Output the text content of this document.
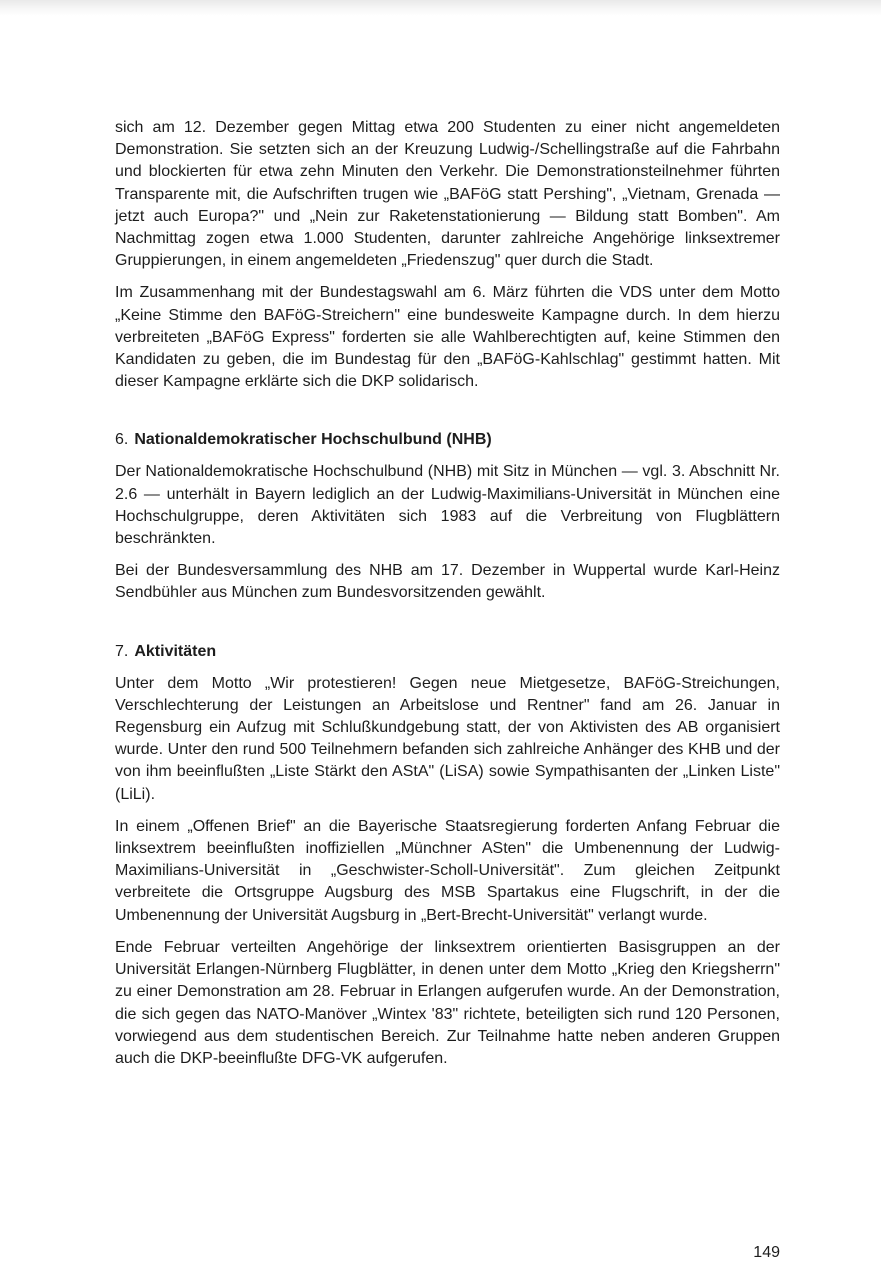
sich am 12. Dezember gegen Mittag etwa 200 Studenten zu einer nicht angemeldeten Demonstration. Sie setzten sich an der Kreuzung Ludwig-/Schellingstraße auf die Fahrbahn und blockierten für etwa zehn Minuten den Verkehr. Die Demonstrationsteilnehmer führten Transparente mit, die Aufschriften trugen wie „BAFöG statt Pershing", „Vietnam, Grenada — jetzt auch Europa?" und „Nein zur Raketenstationierung — Bildung statt Bomben". Am Nachmittag zogen etwa 1.000 Studenten, darunter zahlreiche Angehörige linksextremer Gruppierungen, in einem angemeldeten „Friedenszug" quer durch die Stadt.

Im Zusammenhang mit der Bundestagswahl am 6. März führten die VDS unter dem Motto „Keine Stimme den BAFöG-Streichern" eine bundesweite Kampagne durch. In dem hierzu verbreiteten „BAFöG Express" forderten sie alle Wahlberechtigten auf, keine Stimmen den Kandidaten zu geben, die im Bundestag für den „BAFöG-Kahlschlag" gestimmt hatten. Mit dieser Kampagne erklärte sich die DKP solidarisch.

6. Nationaldemokratischer Hochschulbund (NHB)

Der Nationaldemokratische Hochschulbund (NHB) mit Sitz in München — vgl. 3. Abschnitt Nr. 2.6 — unterhält in Bayern lediglich an der Ludwig-Maximilians-Universität in München eine Hochschulgruppe, deren Aktivitäten sich 1983 auf die Verbreitung von Flugblättern beschränkten.

Bei der Bundesversammlung des NHB am 17. Dezember in Wuppertal wurde Karl-Heinz Sendbühler aus München zum Bundesvorsitzenden gewählt.

7. Aktivitäten

Unter dem Motto „Wir protestieren! Gegen neue Mietgesetze, BAFöG-Streichungen, Verschlechterung der Leistungen an Arbeitslose und Rentner" fand am 26. Januar in Regensburg ein Aufzug mit Schlußkundgebung statt, der von Aktivisten des AB organisiert wurde. Unter den rund 500 Teilnehmern befanden sich zahlreiche Anhänger des KHB und der von ihm beeinflußten „Liste Stärkt den AStA" (LiSA) sowie Sympathisanten der „Linken Liste" (LiLi).

In einem „Offenen Brief" an die Bayerische Staatsregierung forderten Anfang Februar die linksextrem beeinflußten inoffiziellen „Münchner ASten" die Umbenennung der Ludwig-Maximilians-Universität in „Geschwister-Scholl-Universität". Zum gleichen Zeitpunkt verbreitete die Ortsgruppe Augsburg des MSB Spartakus eine Flugschrift, in der die Umbenennung der Universität Augsburg in „Bert-Brecht-Universität" verlangt wurde.

Ende Februar verteilten Angehörige der linksextrem orientierten Basisgruppen an der Universität Erlangen-Nürnberg Flugblätter, in denen unter dem Motto „Krieg den Kriegsherrn" zu einer Demonstration am 28. Februar in Erlangen aufgerufen wurde. An der Demonstration, die sich gegen das NATO-Manöver „Wintex '83" richtete, beteiligten sich rund 120 Personen, vorwiegend aus dem studentischen Bereich. Zur Teilnahme hatte neben anderen Gruppen auch die DKP-beeinflußte DFG-VK aufgerufen.

149
